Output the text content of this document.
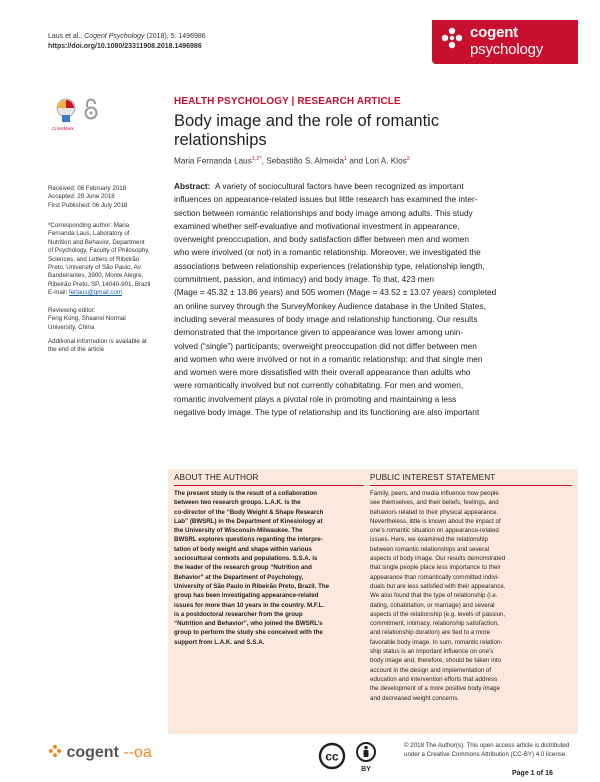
Laus et al., Cogent Psychology (2018), 5: 1496986
https://doi.org/10.1080/23311908.2018.1496986
cogent
psychology
CrossMark
Received: 08 February 2018
Accepted: 29 June 2018
First Published: 06 July 2018
*Corresponding author: Maria
Fernanda Laus, Laboratory of
Nutrition and Behavior, Department
of Psychology, Faculty of Philosophy,
Sciences, and Letters of Ribeirão
Preto, University of São Paulo, Av.
Bandeirantes, 3900, Monte Alegre,
Ribeirão Preto, SP, 14040-901, Brazil
E-mail: ferlaus@gmail.com
Reviewing editor:
Feng Kong, Shaanxi Normal
University, China
Additional information is available at
the end of the article
HEALTH PSYCHOLOGY | RESEARCH ARTICLE
Body image and the role of romantic
relationships
Maria Fernanda Laus$^{1,2*}$, Sebastião S. Almeida$^1$ and Lori A. Klos$^2$
Abstract: A variety of sociocultural factors have been recognized as important
influences on appearance-related issues but little research has examined the inter-
section between romantic relationships and body image among adults. This study
examined whether self-evaluative and motivational investment in appearance,
overweight preoccupation, and body satisfaction differ between men and women
who were involved (or not) in a romantic relationship. Moreover, we investigated the
associations between relationship experiences (relationship type, relationship length,
commitment, passion, and intimacy) and body image. To that, 423 men
(Mage = 45.32 ± 13.86 years) and 505 women (Mage = 43.52 ± 13.07 years) completed
an online survey through the SurveyMonkey Audience database in the United States,
including several measures of body image and relationship functioning. Our results
demonstrated that the importance given to appearance was lower among unin-
volved (“single”) participants; overweight preoccupation did not differ between men
and women who were involved or not in a romantic relationship; and that single men
and women were more dissatisfied with their overall appearance than adults who
were romantically involved but not currently cohabitating. For men and women,
romantic involvement plays a pivotal role in promoting and maintaining a less
negative body image. The type of relationship and its functioning are also important
ABOUT THE AUTHOR
The present study is the result of a collaboration
between two research groups. L.A.K. is the
co-director of the “Body Weight & Shape Research
Lab” (BWSRL) in the Department of Kinesiology at
the University of Wisconsin-Milwaukee. The
BWSRL explores questions regarding the interpre-
tation of body weight and shape within various
sociocultural contexts and populations. S.S.A. is
the leader of the research group “Nutrition and
Behavior” at the Department of Psychology,
University of São Paulo in Ribeirão Preto, Brazil. The
group has been investigating appearance-related
issues for more than 10 years in the country. M.F.L.
is a postdoctoral researcher from the group
“Nutrition and Behavior”, who joined the BWSRL’s
group to perform the study she conceived with the
support from L.A.K. and S.S.A.
PUBLIC INTEREST STATEMENT
Family, peers, and media influence how people
see themselves, and their beliefs, feelings, and
behaviors related to their physical appearance.
Nevertheless, little is known about the impact of
one’s romantic situation on appearance-related
issues. Here, we examined the relationship
between romantic relationships and several
aspects of body image. Our results demonstrated
that single people place less importance to their
appearance than romantically committed indivi-
duals but are less satisfied with their appearance.
We also found that the type of relationship (i.e.
dating, cohabitation, or marriage) and several
aspects of the relationship (e.g. levels of passion,
commitment, intimacy, relationship satisfaction,
and relationship duration) are tied to a more
favorable body image. In sum, romantic relation-
ship status is an important influence on one’s
body image and, therefore, should be taken into
account in the design and implementation of
education and intervention efforts that address
the development of a more positive body image
and decreased weight concerns.
cogent --oa	cc
BY
© 2018 The Author(s). This open access article is distributed under a Creative Commons Attribution (CC-BY) 4.0 license.
Page 1 of 16
